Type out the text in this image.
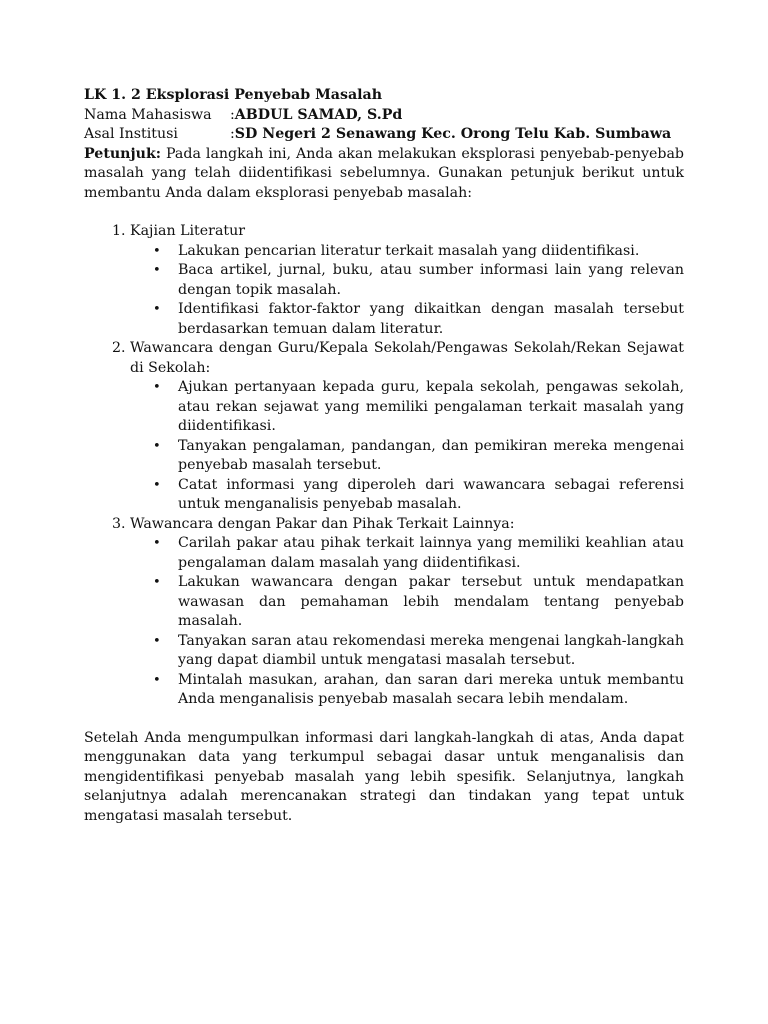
LK 1. 2 Eksplorasi Penyebab Masalah
Nama Mahasiswa	: ABDUL SAMAD, S.Pd
Asal Institusi	: SD Negeri 2 Senawang Kec. Orong Telu Kab. Sumbawa

Petunjuk: Pada langkah ini, Anda akan melakukan eksplorasi penyebab-penyebab masalah yang telah diidentifikasi sebelumnya. Gunakan petunjuk berikut untuk membantu Anda dalam eksplorasi penyebab masalah:

1. Kajian Literatur
• Lakukan pencarian literatur terkait masalah yang diidentifikasi.
• Baca artikel, jurnal, buku, atau sumber informasi lain yang relevan dengan topik masalah.
• Identifikasi faktor-faktor yang dikaitkan dengan masalah tersebut berdasarkan temuan dalam literatur.
2. Wawancara dengan Guru/Kepala Sekolah/Pengawas Sekolah/Rekan Sejawat di Sekolah:
• Ajukan pertanyaan kepada guru, kepala sekolah, pengawas sekolah, atau rekan sejawat yang memiliki pengalaman terkait masalah yang diidentifikasi.
• Tanyakan pengalaman, pandangan, dan pemikiran mereka mengenai penyebab masalah tersebut.
• Catat informasi yang diperoleh dari wawancara sebagai referensi untuk menganalisis penyebab masalah.
3. Wawancara dengan Pakar dan Pihak Terkait Lainnya:
• Carilah pakar atau pihak terkait lainnya yang memiliki keahlian atau pengalaman dalam masalah yang diidentifikasi.
• Lakukan wawancara dengan pakar tersebut untuk mendapatkan wawasan dan pemahaman lebih mendalam tentang penyebab masalah.
• Tanyakan saran atau rekomendasi mereka mengenai langkah-langkah yang dapat diambil untuk mengatasi masalah tersebut.
• Mintalah masukan, arahan, dan saran dari mereka untuk membantu Anda menganalisis penyebab masalah secara lebih mendalam.

Setelah Anda mengumpulkan informasi dari langkah-langkah di atas, Anda dapat menggunakan data yang terkumpul sebagai dasar untuk menganalisis dan mengidentifikasi penyebab masalah yang lebih spesifik. Selanjutnya, langkah selanjutnya adalah merencanakan strategi dan tindakan yang tepat untuk mengatasi masalah tersebut.
